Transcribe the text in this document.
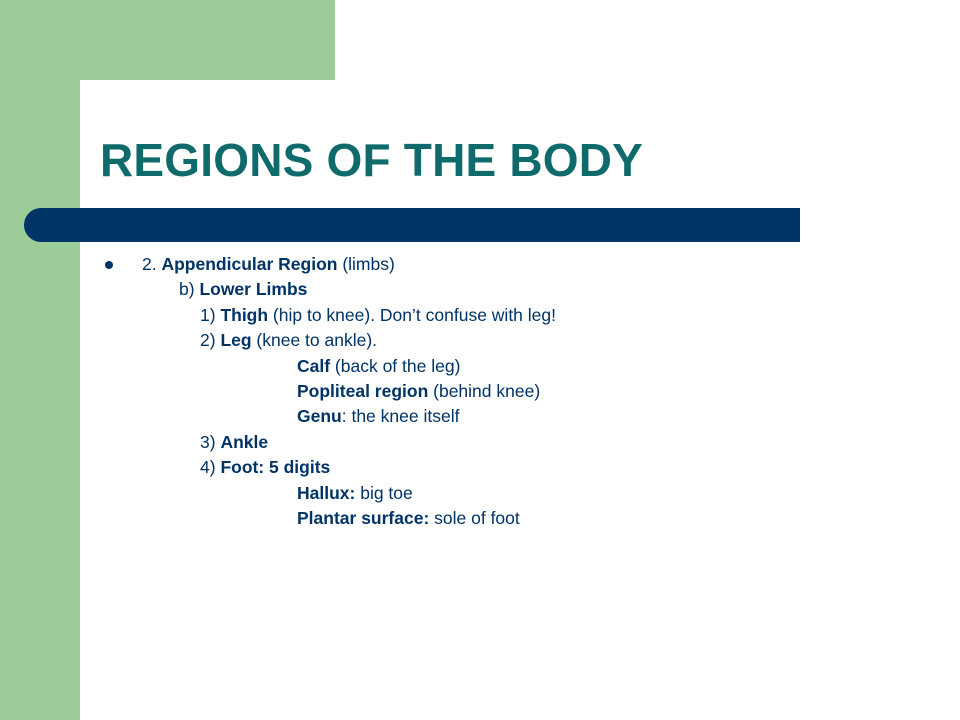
REGIONS OF THE BODY
2. Appendicular Region (limbs)
b) Lower Limbs
1) Thigh (hip to knee). Don’t confuse with leg!
2) Leg (knee to ankle).
Calf (back of the leg)
Popliteal region (behind knee)
Genu: the knee itself
3) Ankle
4) Foot: 5 digits
Hallux: big toe
Plantar surface: sole of foot
